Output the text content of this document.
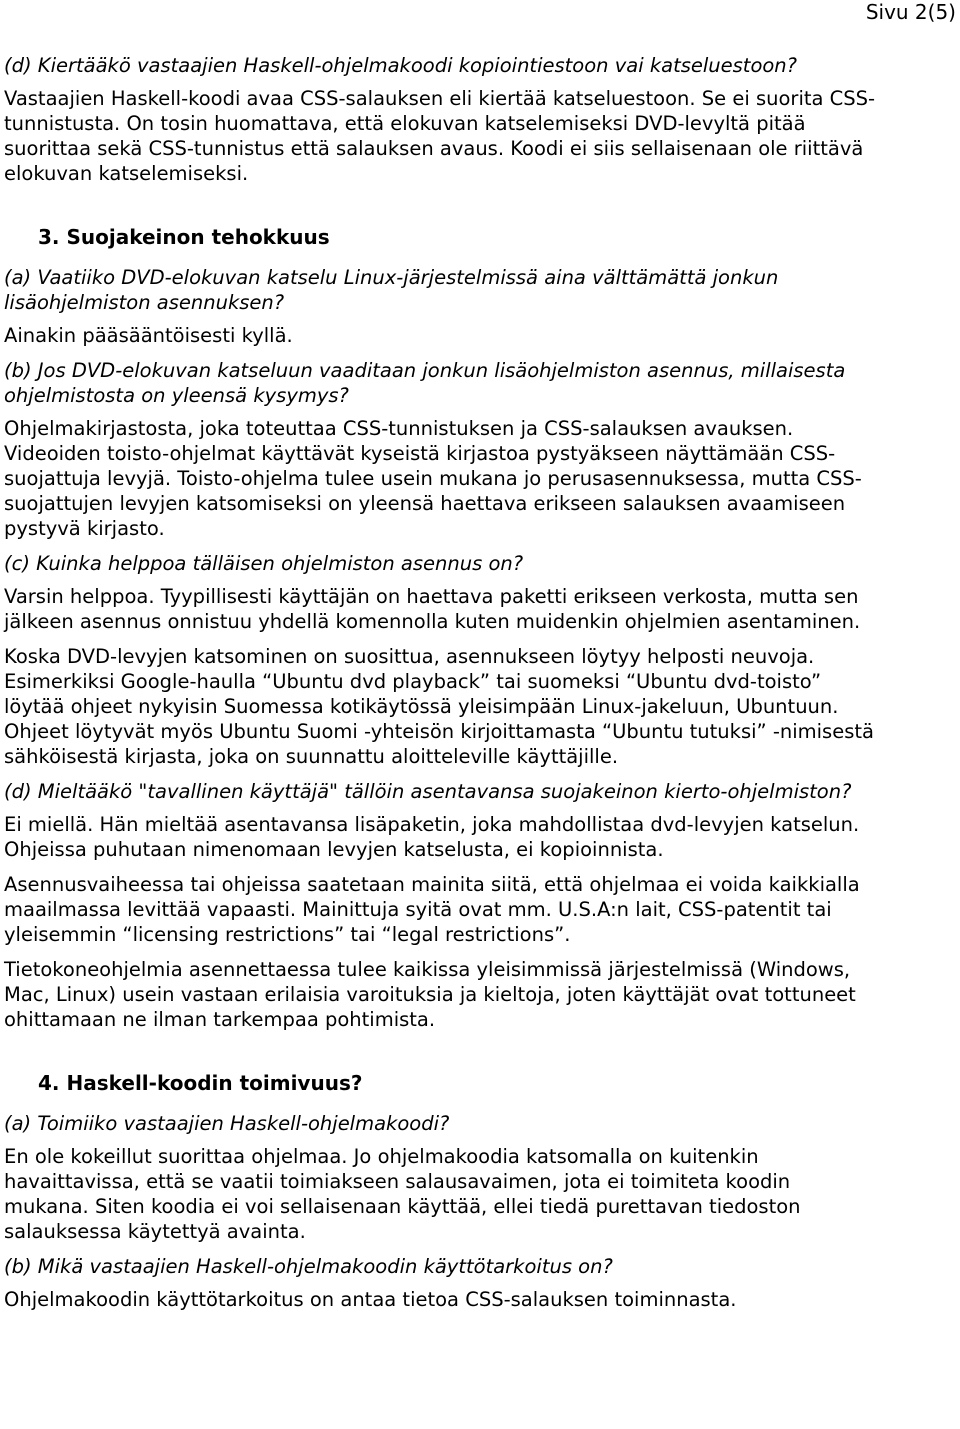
Sivu 2(5)

(d) Kiertääkö vastaajien Haskell-ohjelmakoodi kopiointiestoon vai katseluestoon?

Vastaajien Haskell-koodi avaa CSS-salauksen eli kiertää katseluestoon. Se ei suorita CSS-
tunnistusta. On tosin huomattava, että elokuvan katselemiseksi DVD-levyltä pitää
suorittaa sekä CSS-tunnistus että salauksen avaus. Koodi ei siis sellaisenaan ole riittävä
elokuvan katselemiseksi.

3. Suojakeinon tehokkuus

(a) Vaatiiko DVD-elokuvan katselu Linux-järjestelmissä aina välttämättä jonkun
lisäohjelmiston asennuksen?

Ainakin pääsääntöisesti kyllä.

(b) Jos DVD-elokuvan katseluun vaaditaan jonkun lisäohjelmiston asennus, millaisesta
ohjelmistosta on yleensä kysymys?

Ohjelmakirjastosta, joka toteuttaa CSS-tunnistuksen ja CSS-salauksen avauksen.
Videoiden toisto-ohjelmat käyttävät kyseistä kirjastoa pystyäkseen näyttämään CSS-
suojattuja levyjä. Toisto-ohjelma tulee usein mukana jo perusasennuksessa, mutta CSS-
suojattujen levyjen katsomiseksi on yleensä haettava erikseen salauksen avaamiseen
pystyvä kirjasto.

(c) Kuinka helppoa tälläisen ohjelmiston asennus on?

Varsin helppoa. Tyypillisesti käyttäjän on haettava paketti erikseen verkosta, mutta sen
jälkeen asennus onnistuu yhdellä komennolla kuten muidenkin ohjelmien asentaminen.

Koska DVD-levyjen katsominen on suosittua, asennukseen löytyy helposti neuvoja.
Esimerkiksi Google-haulla “Ubuntu dvd playback” tai suomeksi “Ubuntu dvd-toisto”
löytää ohjeet nykyisin Suomessa kotikäytössä yleisimpään Linux-jakeluun, Ubuntuun.
Ohjeet löytyvät myös Ubuntu Suomi -yhteisön kirjoittamasta “Ubuntu tutuksi” -nimisestä
sähköisestä kirjasta, joka on suunnattu aloitteleville käyttäjille.

(d) Mieltääkö "tavallinen käyttäjä" tällöin asentavansa suojakeinon kierto-ohjelmiston?

Ei miellä. Hän mieltää asentavansa lisäpaketin, joka mahdollistaa dvd-levyjen katselun.
Ohjeissa puhutaan nimenomaan levyjen katselusta, ei kopioinnista.

Asennusvaiheessa tai ohjeissa saatetaan mainita siitä, että ohjelmaa ei voida kaikkialla
maailmassa levittää vapaasti. Mainittuja syitä ovat mm. U.S.A:n lait, CSS-patentit tai
yleisemmin “licensing restrictions” tai “legal restrictions”.

Tietokoneohjelmia asennettaessa tulee kaikissa yleisimmissä järjestelmissä (Windows,
Mac, Linux) usein vastaan erilaisia varoituksia ja kieltoja, joten käyttäjät ovat tottuneet
ohittamaan ne ilman tarkempaa pohtimista.

4. Haskell-koodin toimivuus?

(a) Toimiiko vastaajien Haskell-ohjelmakoodi?

En ole kokeillut suorittaa ohjelmaa. Jo ohjelmakoodia katsomalla on kuitenkin
havaittavissa, että se vaatii toimiakseen salausavaimen, jota ei toimiteta koodin
mukana. Siten koodia ei voi sellaisenaan käyttää, ellei tiedä purettavan tiedoston
salauksessa käytettyä avainta.

(b) Mikä vastaajien Haskell-ohjelmakoodin käyttötarkoitus on?

Ohjelmakoodin käyttötarkoitus on antaa tietoa CSS-salauksen toiminnasta.
